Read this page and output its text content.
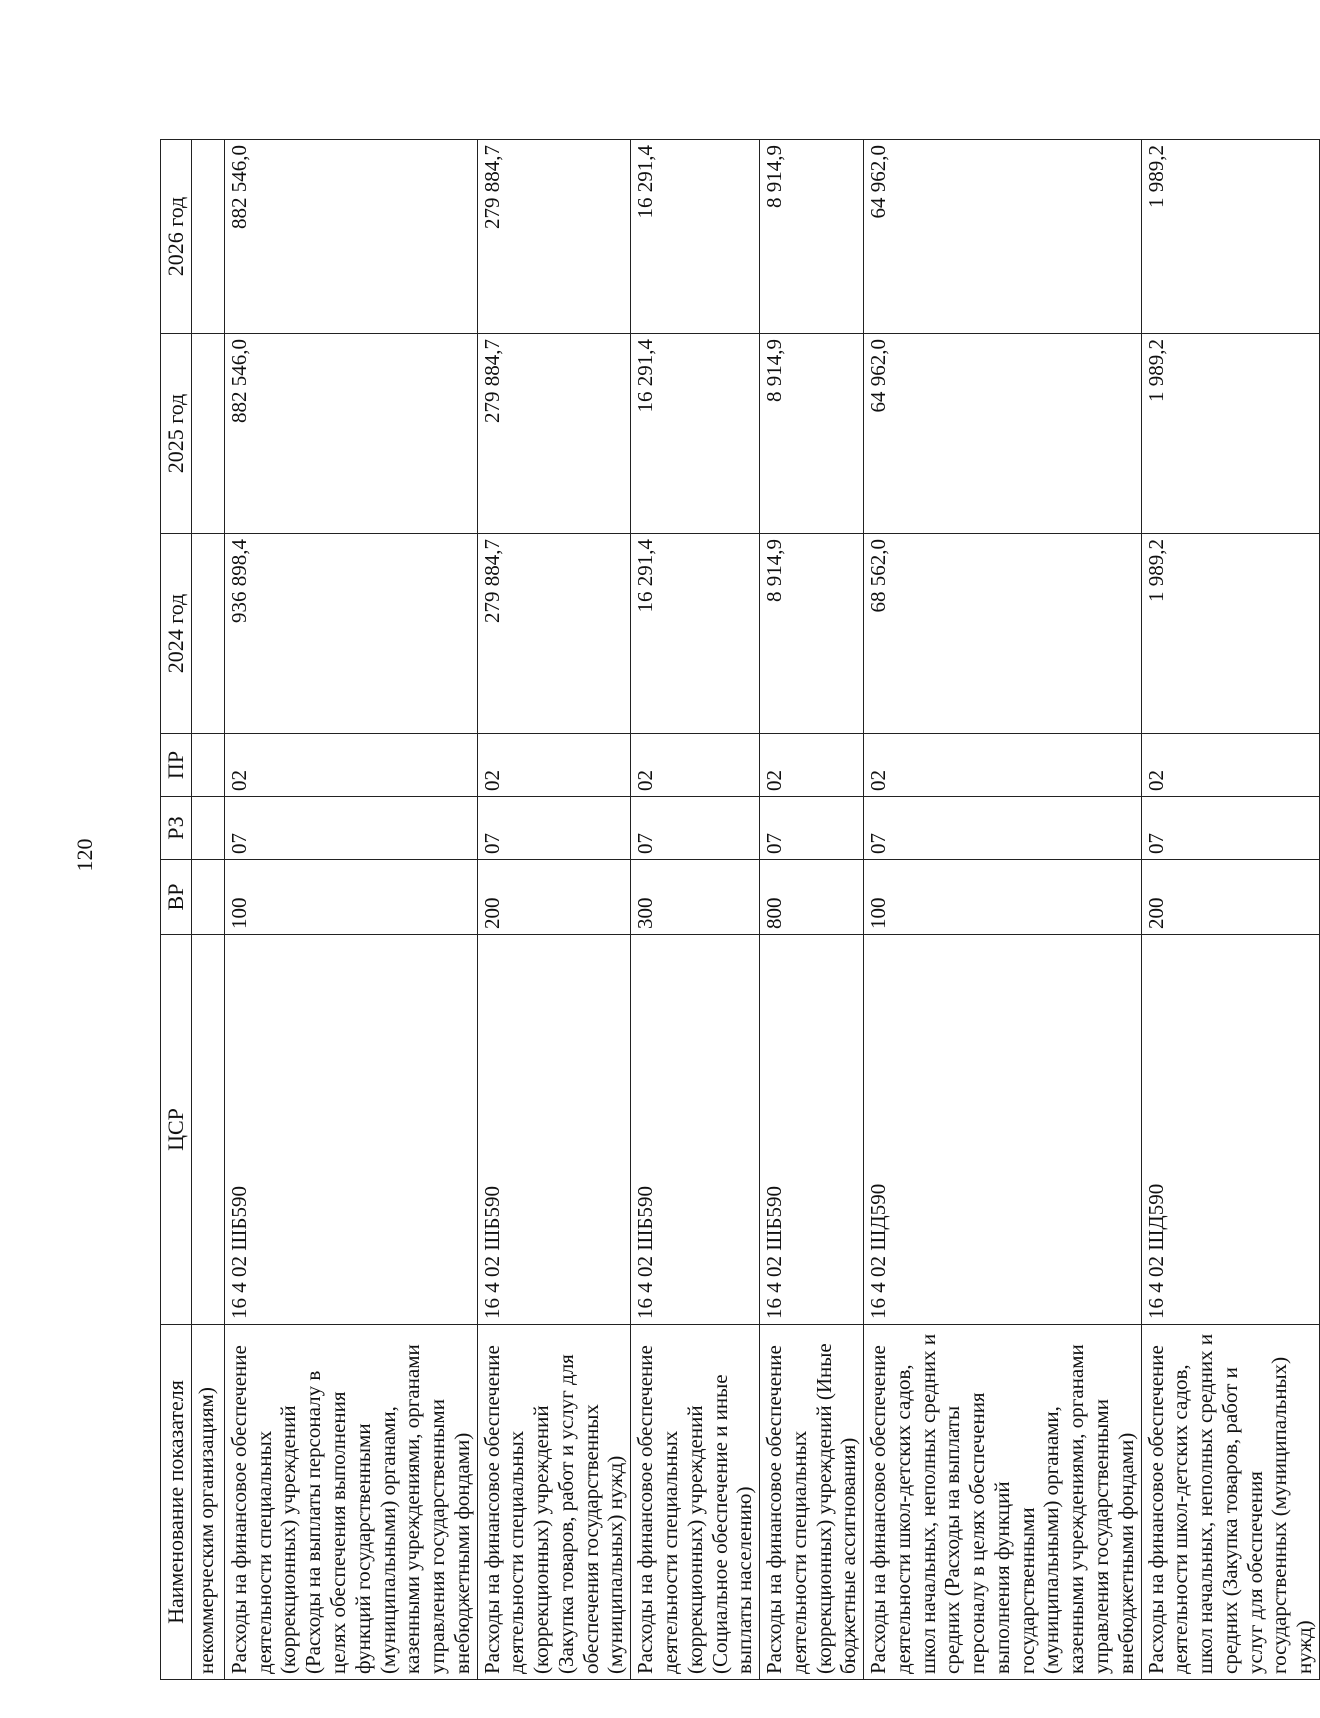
120
Наименование показателя	ЦСР	ВР	РЗ	ПР	2024 год	2025 год	2026 год
некоммерческим организациям)							
Расходы на финансовое обеспечение деятельности специальных (коррекционных) учреждений (Расходы на выплаты персоналу в целях обеспечения выполнения функций государственными (муниципальными) органами, казенными учреждениями, органами управления государственными внебюджетными фондами)	16 4 02 ШБ590	100	07	02	936 898,4	882 546,0	882 546,0
Расходы на финансовое обеспечение деятельности специальных (коррекционных) учреждений (Закупка товаров, работ и услуг для обеспечения государственных (муниципальных) нужд)	16 4 02 ШБ590	200	07	02	279 884,7	279 884,7	279 884,7
Расходы на финансовое обеспечение деятельности специальных (коррекционных) учреждений (Социальное обеспечение и иные выплаты населению)	16 4 02 ШБ590	300	07	02	16 291,4	16 291,4	16 291,4
Расходы на финансовое обеспечение деятельности специальных (коррекционных) учреждений (Иные бюджетные ассигнования)	16 4 02 ШБ590	800	07	02	8 914,9	8 914,9	8 914,9
Расходы на финансовое обеспечение деятельности школ-детских садов, школ начальных, неполных средних и средних (Расходы на выплаты персоналу в целях обеспечения выполнения функций государственными (муниципальными) органами, казенными учреждениями, органами управления государственными внебюджетными фондами)	16 4 02 ШД590	100	07	02	68 562,0	64 962,0	64 962,0
Расходы на финансовое обеспечение деятельности школ-детских садов, школ начальных, неполных средних и средних (Закупка товаров, работ и услуг для обеспечения государственных (муниципальных) нужд)	16 4 02 ШД590	200	07	02	1 989,2	1 989,2	1 989,2
